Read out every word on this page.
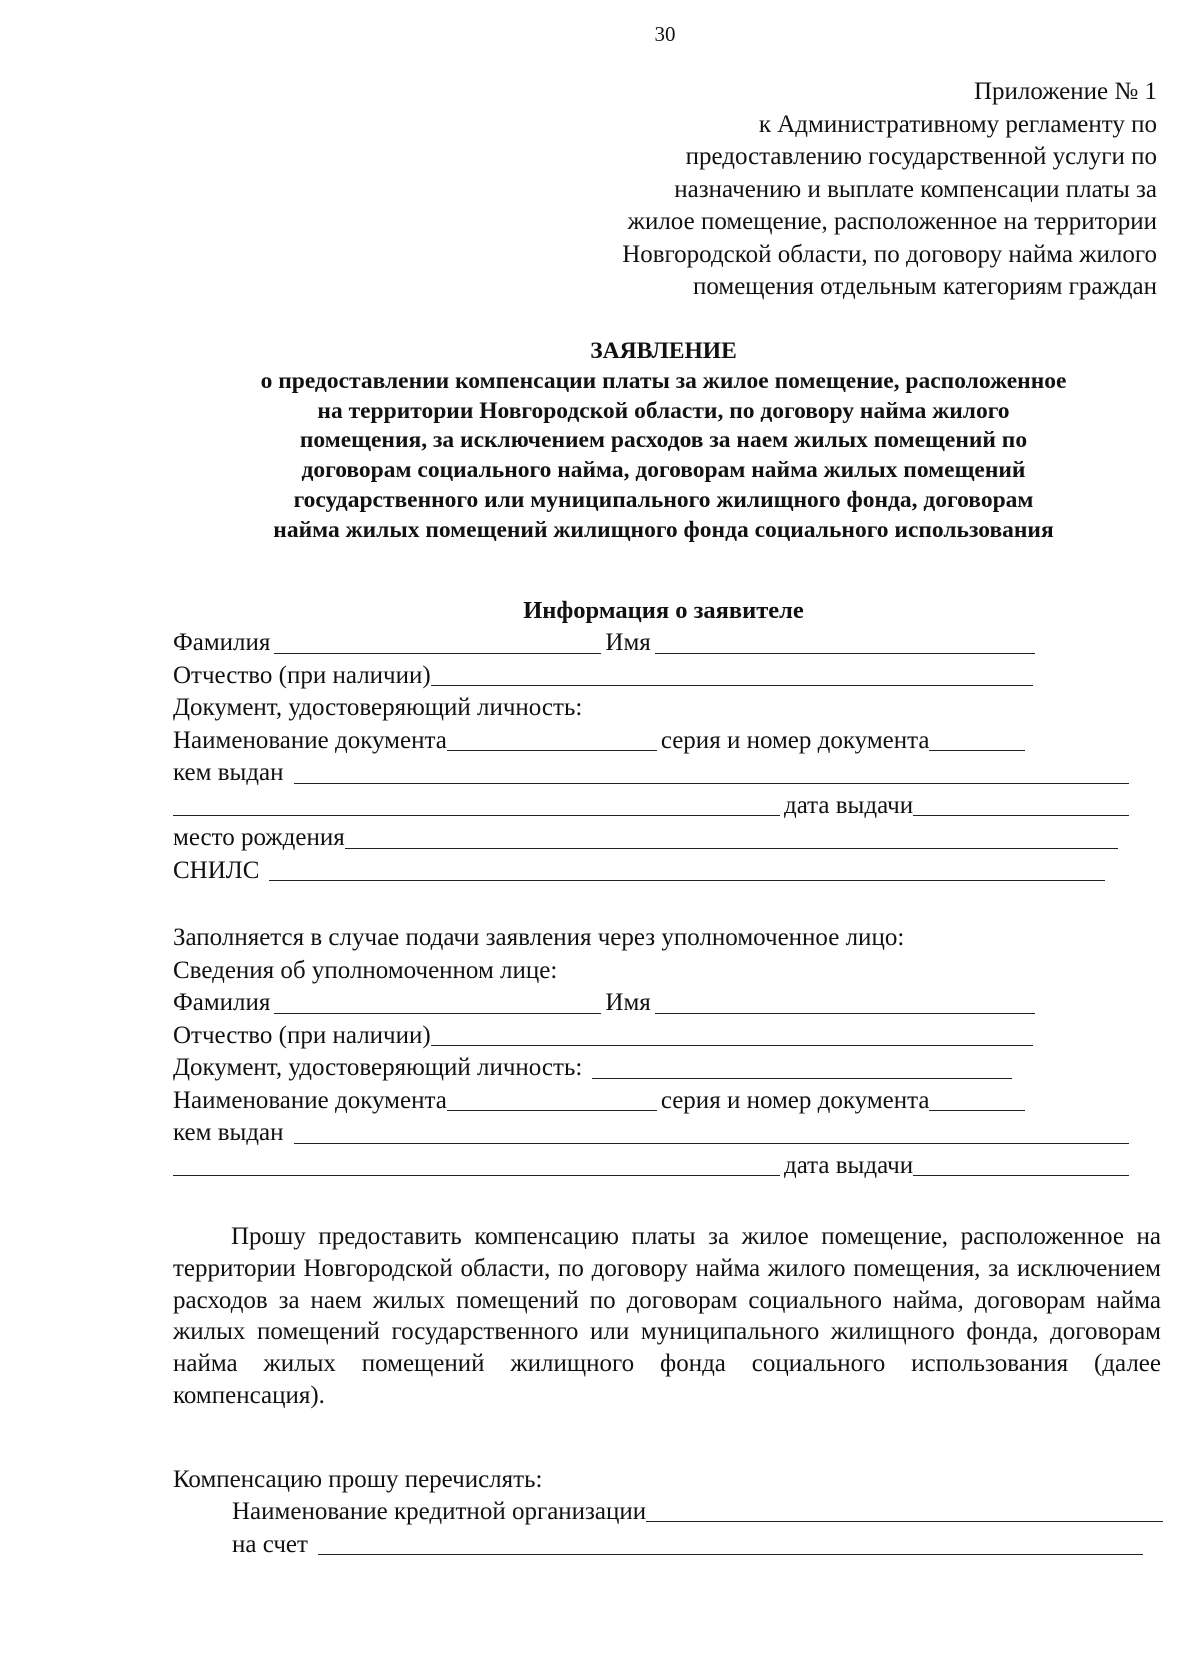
30
Приложение № 1
к Административному регламенту по
предоставлению государственной услуги по
назначению и выплате компенсации платы за
жилое помещение, расположенное на территории
Новгородской области, по договору найма жилого
помещения отдельным категориям граждан
ЗАЯВЛЕНИЕ
о предоставлении компенсации платы за жилое помещение, расположенное
на территории Новгородской области, по договору найма жилого
помещения, за исключением расходов за наем жилых помещений по
договорам социального найма, договорам найма жилых помещений
государственного или муниципального жилищного фонда, договорам
найма жилых помещений жилищного фонда социального использования
Информация о заявителе
Фамилия	Имя
Отчество (при наличии)
Документ, удостоверяющий личность:
Наименование документа	серия и номер документа
кем выдан
дата выдачи
место рождения
СНИЛС
Заполняется в случае подачи заявления через уполномоченное лицо:
Сведения об уполномоченном лице:
Фамилия	Имя
Отчество (при наличии)
Документ, удостоверяющий личность:
Наименование документа	серия и номер документа
кем выдан
дата выдачи
Прошу предоставить компенсацию платы за жилое помещение, расположенное на территории Новгородской области, по договору найма жилого помещения, за исключением расходов за наем жилых помещений по договорам социального найма, договорам найма жилых помещений государственного или муниципального жилищного фонда, договорам найма жилых помещений жилищного фонда социального использования (далее компенсация).
Компенсацию прошу перечислять:
Наименование кредитной организации
на счет
